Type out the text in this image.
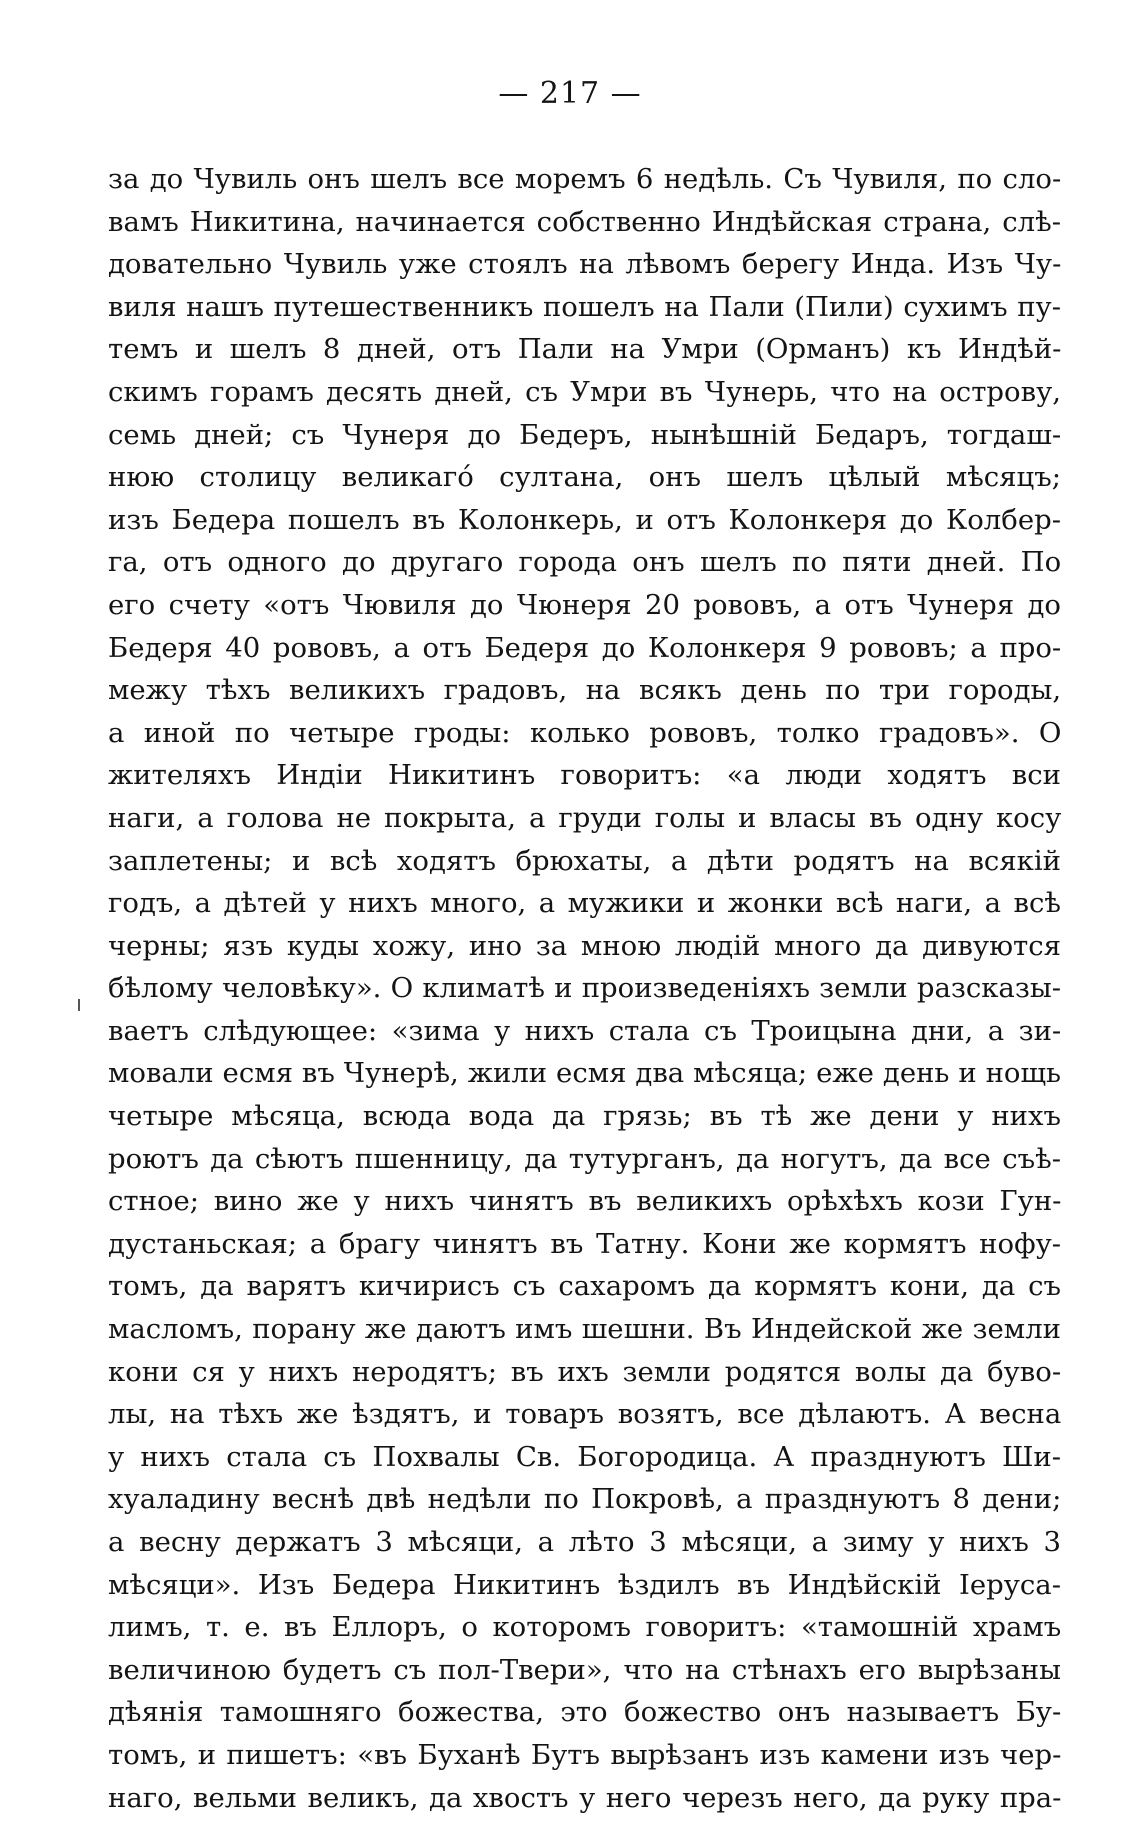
— 217 —
за до Чувиль онъ шелъ все моремъ 6 недѣль. Съ Чувиля, по сло-
вамъ Никитина, начинается собственно Индѣйская страна, слѣ-
довательно Чувиль уже стоялъ на лѣвомъ берегу Инда. Изъ Чу-
виля нашъ путешественникъ пошелъ на Пали (Пили) сухимъ пу-
темъ и шелъ 8 дней, отъ Пали на Умри (Орманъ) къ Индѣй-
скимъ горамъ десять дней, съ Умри въ Чунерь, что на острову,
семь дней; съ Чунеря до Бедеръ, нынѣшній Бедаръ, тогдаш-
нюю столицу великагó султана, онъ шелъ цѣлый мѣсяцъ;
изъ Бедера пошелъ въ Колонкерь, и отъ Колонкеря до Колбер-
га, отъ одного до другаго города онъ шелъ по пяти дней. По
его счету «отъ Чювиля до Чюнеря 20 рововъ, а отъ Чунеря до
Бедеря 40 рововъ, а отъ Бедеря до Колонкеря 9 рововъ; а про-
межу тѣхъ великихъ градовъ, на всякъ день по три городы,
а иной по четыре гроды: колько рововъ, толко градовъ». О
жителяхъ Индіи Никитинъ говоритъ: «а люди ходятъ вси
наги, а голова не покрыта, а груди голы и власы въ одну косу
заплетены; и всѣ ходятъ брюхаты, а дѣти родятъ на всякій
годъ, а дѣтей у нихъ много, а мужики и жонки всѣ наги, а всѣ
черны; язъ куды хожу, ино за мною людій много да дивуются
бѣлому человѣку». О климатѣ и произведеніяхъ земли разсказы-
ваетъ слѣдующее: «зима у нихъ стала съ Троицына дни, а зи-
мовали есмя въ Чунерѣ, жили есмя два мѣсяца; еже день и нощь
четыре мѣсяца, всюда вода да грязь; въ тѣ же дени у нихъ
роютъ да сѣютъ пшенницу, да тутурганъ, да ногутъ, да все съѣ-
стное; вино же у нихъ чинятъ въ великихъ орѣхѣхъ кози Гун-
дустаньская; а брагу чинятъ въ Татну. Кони же кормятъ нофу-
томъ, да варятъ кичирисъ съ сахаромъ да кормятъ кони, да съ
масломъ, порану же даютъ имъ шешни. Въ Индейской же земли
кони ся у нихъ неродятъ; въ ихъ земли родятся волы да буво-
лы, на тѣхъ же ѣздятъ, и товаръ возятъ, все дѣлаютъ. А весна
у нихъ стала съ Похвалы Св. Богородица. А празднуютъ Ши-
хуаладину веснѣ двѣ недѣли по Покровѣ, а празднуютъ 8 дени;
а весну держатъ 3 мѣсяци, а лѣто 3 мѣсяци, а зиму у нихъ 3
мѣсяци». Изъ Бедера Никитинъ ѣздилъ въ Индѣйскій Іеруса-
лимъ, т. е. въ Еллоръ, о которомъ говоритъ: «тамошній храмъ
величиною будетъ съ пол-Твери», что на стѣнахъ его вырѣзаны
дѣянія тамошняго божества, это божество онъ называетъ Бу-
томъ, и пишетъ: «въ Буханѣ Бутъ вырѣзанъ изъ камени изъ чер-
наго, вельми великъ, да хвостъ у него черезъ него, да руку пра-
